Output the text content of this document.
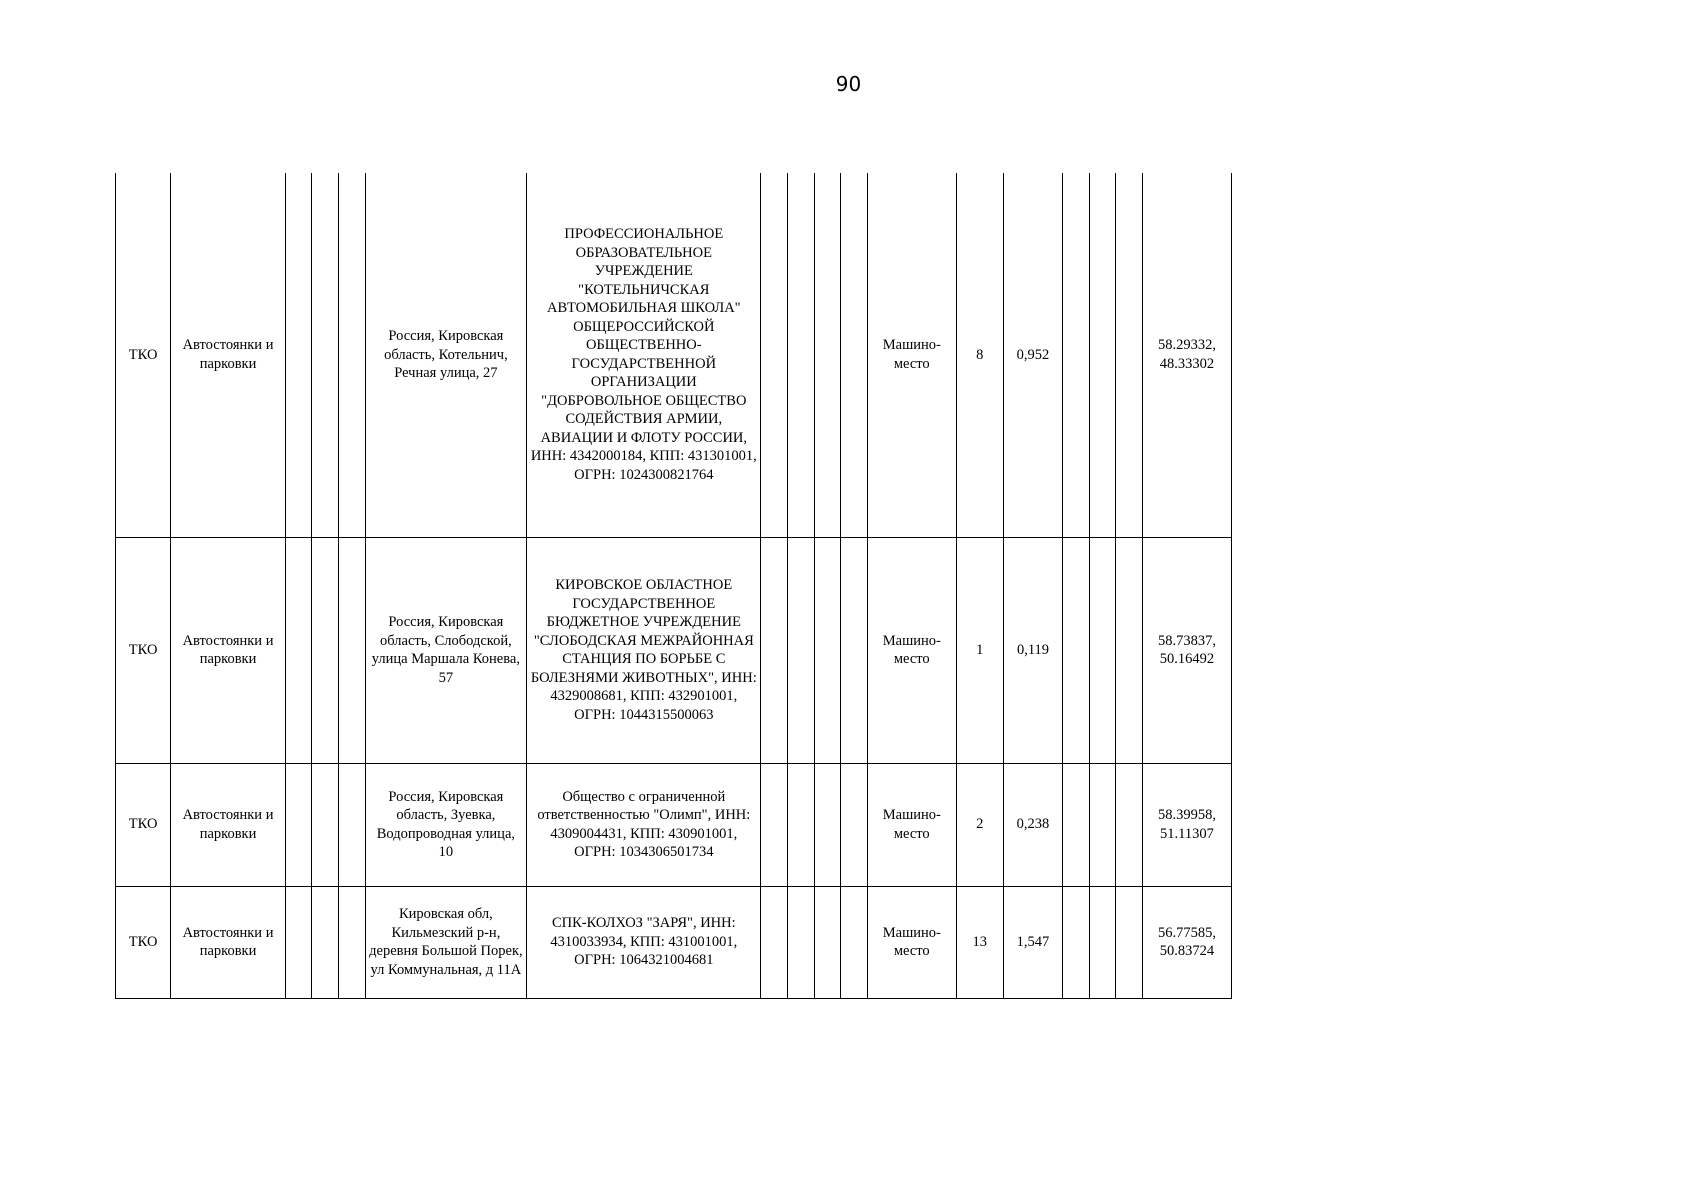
90
ТКО	Автостоянки и парковки				Россия, Кировская область, Котельнич, Речная улица, 27	ПРОФЕССИОНАЛЬНОЕ ОБРАЗОВАТЕЛЬНОЕ УЧРЕЖДЕНИЕ "КОТЕЛЬНИЧСКАЯ АВТОМОБИЛЬНАЯ ШКОЛА" ОБЩЕРОССИЙСКОЙ ОБЩЕСТВЕННО-ГОСУДАРСТВЕННОЙ ОРГАНИЗАЦИИ "ДОБРОВОЛЬНОЕ ОБЩЕСТВО СОДЕЙСТВИЯ АРМИИ, АВИАЦИИ И ФЛОТУ РОССИИ, ИНН: 4342000184, КПП: 431301001, ОГРН: 1024300821764					Машино-место	8	0,952				58.29332, 48.33302
ТКО	Автостоянки и парковки				Россия, Кировская область, Слободской, улица Маршала Конева, 57	КИРОВСКОЕ ОБЛАСТНОЕ ГОСУДАРСТВЕННОЕ БЮДЖЕТНОЕ УЧРЕЖДЕНИЕ "СЛОБОДСКАЯ МЕЖРАЙОННАЯ СТАНЦИЯ ПО БОРЬБЕ С БОЛЕЗНЯМИ ЖИВОТНЫХ", ИНН: 4329008681, КПП: 432901001, ОГРН: 1044315500063					Машино-место	1	0,119				58.73837, 50.16492
ТКО	Автостоянки и парковки				Россия, Кировская область, Зуевка, Водопроводная улица, 10	Общество с ограниченной ответственностью "Олимп", ИНН: 4309004431, КПП: 430901001, ОГРН: 1034306501734					Машино-место	2	0,238				58.39958, 51.11307
ТКО	Автостоянки и парковки				Кировская обл, Кильмезский р-н, деревня Большой Порек, ул Коммунальная, д 11А	СПК-КОЛХОЗ "ЗАРЯ", ИНН: 4310033934, КПП: 431001001, ОГРН: 1064321004681					Машино-место	13	1,547				56.77585, 50.83724
